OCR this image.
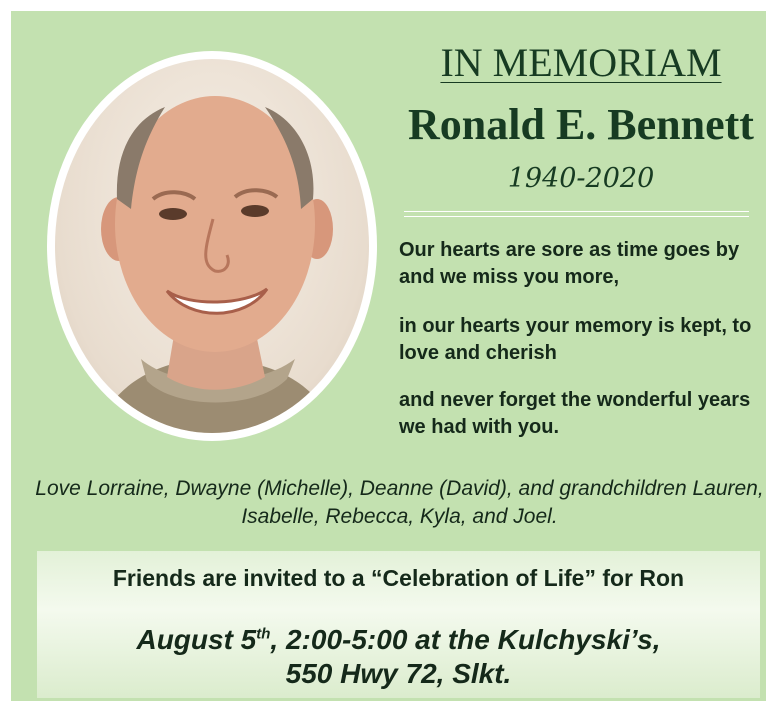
IN MEMORIAM
Ronald E. Bennett
1940-2020
Our hearts are sore as time goes by and we miss you more,
in our hearts your memory is kept, to love and cherish
and never forget the wonderful years we had with you.
Love Lorraine, Dwayne (Michelle), Deanne (David), and grandchildren Lauren, Isabelle, Rebecca, Kyla, and Joel.
Friends are invited to a “Celebration of Life” for Ron
August 5th, 2:00-5:00 at the Kulchyski’s,
550 Hwy 72, Slkt.
